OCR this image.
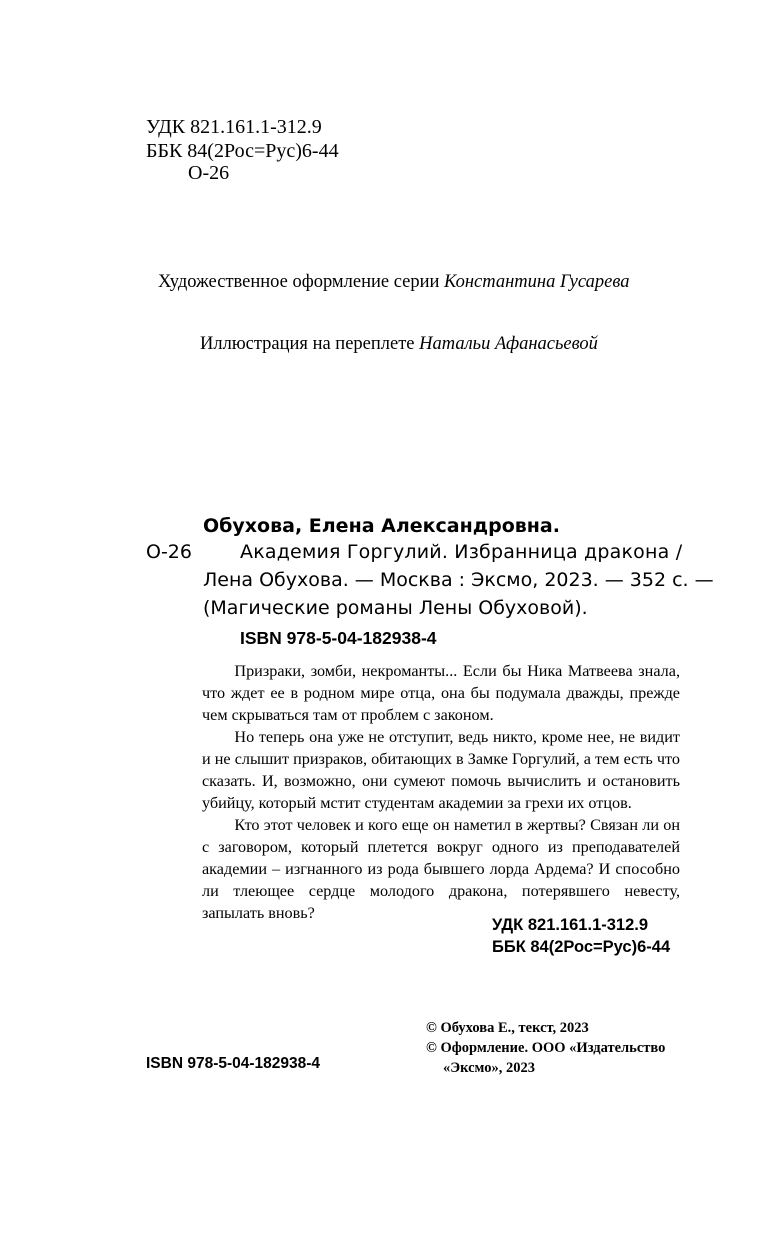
УДК 821.161.1-312.9
ББК 84(2Рос=Рус)6-44
О-26
Художественное оформление серии Константина Гусарева
Иллюстрация на переплете Натальи Афанасьевой
Обухова, Елена Александровна.
О-26	Академия Горгулий. Избранница дракона /
Лена Обухова. — Москва : Эксмо, 2023. — 352 с. —
(Магические романы Лены Обуховой).
ISBN 978-5-04-182938-4

Призраки, зомби, некроманты... Если бы Ника Матвеева знала, что ждет ее в родном мире отца, она бы подумала дважды, прежде чем скрываться там от проблем с законом.

Но теперь она уже не отступит, ведь никто, кроме нее, не видит и не слышит призраков, обитающих в Замке Горгулий, а тем есть что сказать. И, возможно, они сумеют помочь вычислить и остановить убийцу, который мстит студентам академии за грехи их отцов.

Кто этот человек и кого еще он наметил в жертвы? Связан ли он с заговором, который плетется вокруг одного из преподавателей академии – изгнанного из рода бывшего лорда Ардема? И способно ли тлеющее сердце молодого дракона, потерявшего невесту, запылать вновь?

УДК 821.161.1-312.9
ББК 84(2Рос=Рус)6-44
© Обухова Е., текст, 2023
© Оформление. ООО «Издательство
«Эксмо», 2023
ISBN 978-5-04-182938-4
